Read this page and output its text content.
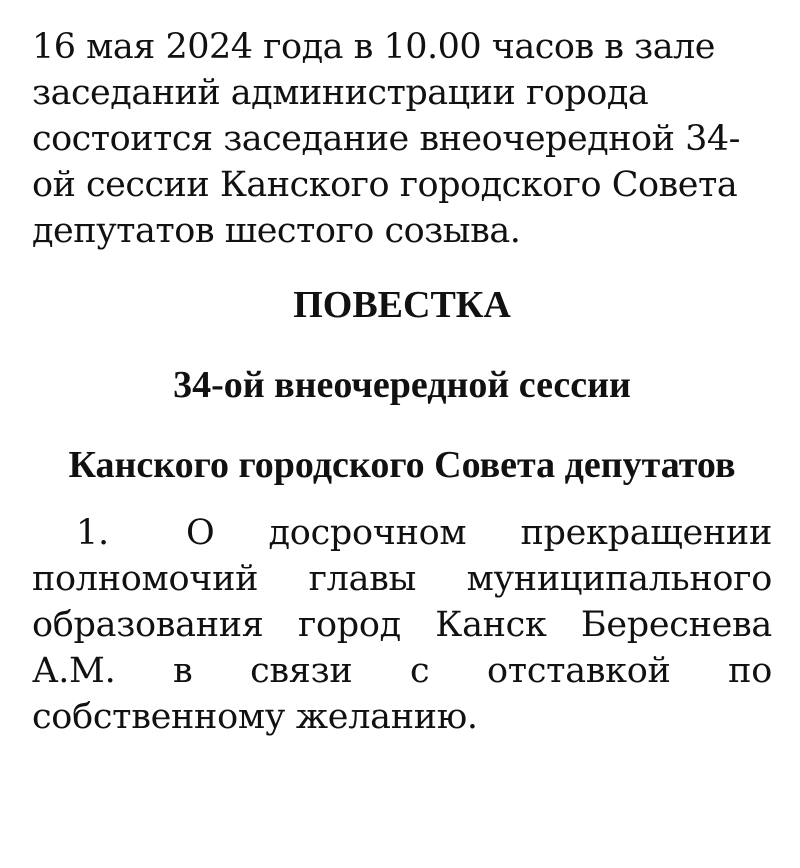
16 мая 2024 года в 10.00 часов в зале заседаний администрации города состоится заседание внеочередной 34-ой сессии Канского городского Совета депутатов шестого созыва.

ПОВЕСТКА
34-ой внеочередной сессии
Канского городского Совета депутатов
1. О досрочном прекращении полномочий главы муниципального образования город Канск Береснева А.М. в связи с отставкой по собственному желанию.
